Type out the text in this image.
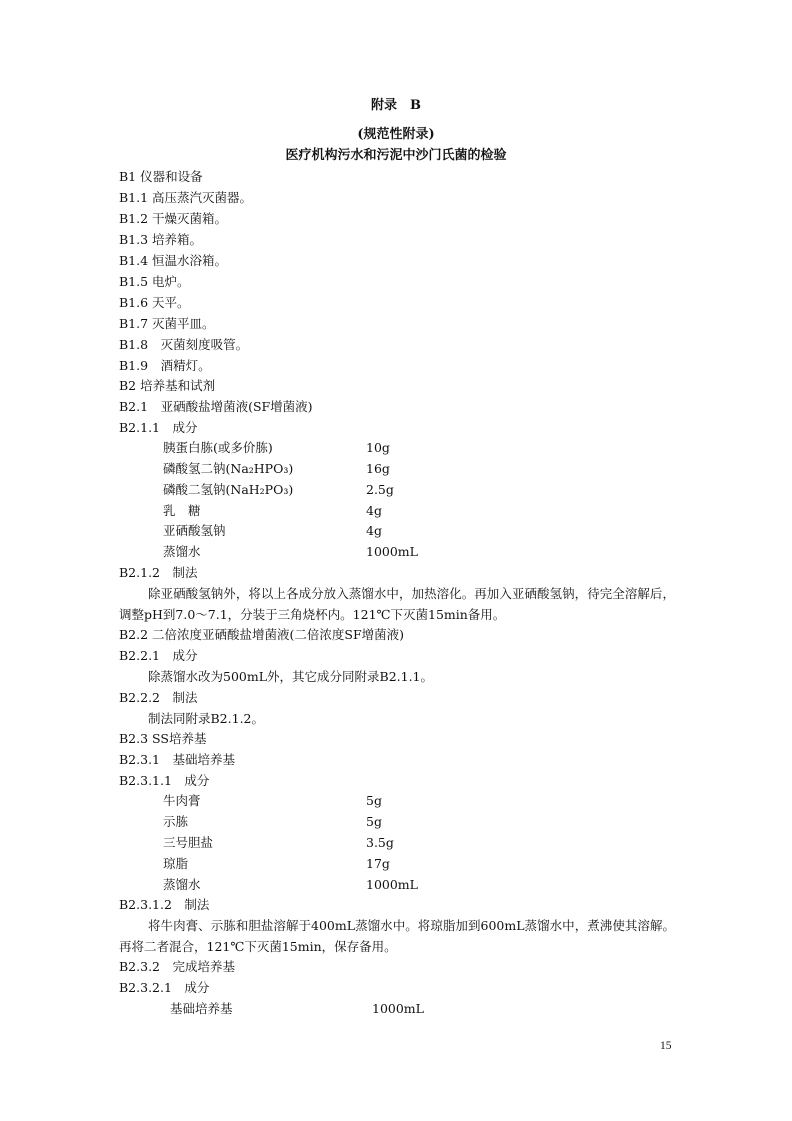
附录　B
(规范性附录)
医疗机构污水和污泥中沙门氏菌的检验
B1 仪器和设备
B1.1 高压蒸汽灭菌器。
B1.2 干燥灭菌箱。
B1.3 培养箱。
B1.4 恒温水浴箱。
B1.5 电炉。
B1.6 天平。
B1.7 灭菌平皿。
B1.8　灭菌刻度吸管。
B1.9　酒精灯。
B2 培养基和试剂
B2.1　亚硒酸盐增菌液(SF增菌液)
B2.1.1　成分
胰蛋白胨(或多价胨)	10g
磷酸氢二钠(Na₂HPO₃)	16g
磷酸二氢钠(NaH₂PO₃)	2.5g
乳　糖	4g
亚硒酸氢钠	4g
蒸馏水	1000mL
B2.1.2　制法
除亚硒酸氢钠外，将以上各成分放入蒸馏水中，加热溶化。再加入亚硒酸氢钠，待完全溶解后，调整pH到7.0～7.1，分装于三角烧杯内。121℃下灭菌15min备用。
B2.2 二倍浓度亚硒酸盐增菌液(二倍浓度SF增菌液)
B2.2.1　成分
除蒸馏水改为500mL外，其它成分同附录B2.1.1。
B2.2.2　制法
制法同附录B2.1.2。
B2.3 SS培养基
B2.3.1　基础培养基
B2.3.1.1　成分
牛肉膏	5g
示胨	5g
三号胆盐	3.5g
琼脂	17g
蒸馏水	1000mL
B2.3.1.2　制法
将牛肉膏、示胨和胆盐溶解于400mL蒸馏水中。将琼脂加到600mL蒸馏水中，煮沸使其溶解。再将二者混合，121℃下灭菌15min，保存备用。
B2.3.2　完成培养基
B2.3.2.1　成分
基础培养基	1000mL
15
